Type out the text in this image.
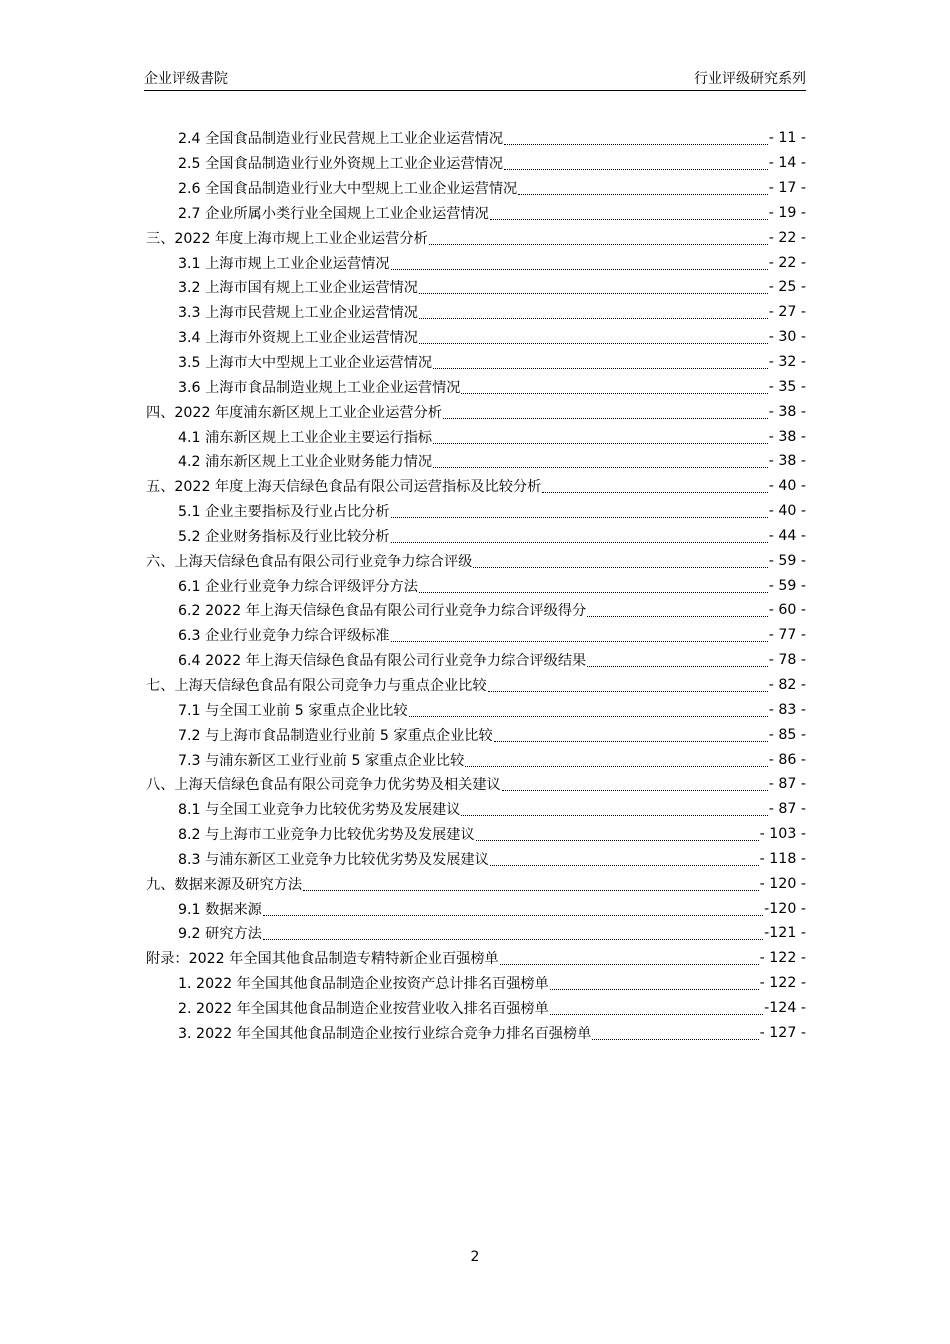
企业评级書院	行业评级研究系列
2.4 全国食品制造业行业民营规上工业企业运营情况	- 11 -
2.5 全国食品制造业行业外资规上工业企业运营情况	- 14 -
2.6 全国食品制造业行业大中型规上工业企业运营情况	- 17 -
2.7 企业所属小类行业全国规上工业企业运营情况	- 19 -
三、2022 年度上海市规上工业企业运营分析	- 22 -
3.1 上海市规上工业企业运营情况	- 22 -
3.2 上海市国有规上工业企业运营情况	- 25 -
3.3 上海市民营规上工业企业运营情况	- 27 -
3.4 上海市外资规上工业企业运营情况	- 30 -
3.5 上海市大中型规上工业企业运营情况	- 32 -
3.6 上海市食品制造业规上工业企业运营情况	- 35 -
四、2022 年度浦东新区规上工业企业运营分析	- 38 -
4.1 浦东新区规上工业企业主要运行指标	- 38 -
4.2 浦东新区规上工业企业财务能力情况	- 38 -
五、2022 年度上海天信绿色食品有限公司运营指标及比较分析	- 40 -
5.1 企业主要指标及行业占比分析	- 40 -
5.2 企业财务指标及行业比较分析	- 44 -
六、上海天信绿色食品有限公司行业竞争力综合评级	- 59 -
6.1 企业行业竞争力综合评级评分方法	- 59 -
6.2 2022 年上海天信绿色食品有限公司行业竞争力综合评级得分	- 60 -
6.3 企业行业竞争力综合评级标准	- 77 -
6.4 2022 年上海天信绿色食品有限公司行业竞争力综合评级结果	- 78 -
七、上海天信绿色食品有限公司竞争力与重点企业比较	- 82 -
7.1 与全国工业前 5 家重点企业比较	- 83 -
7.2 与上海市食品制造业行业前 5 家重点企业比较	- 85 -
7.3 与浦东新区工业行业前 5 家重点企业比较	- 86 -
八、上海天信绿色食品有限公司竞争力优劣势及相关建议	- 87 -
8.1 与全国工业竞争力比较优劣势及发展建议	- 87 -
8.2 与上海市工业竞争力比较优劣势及发展建议	- 103 -
8.3 与浦东新区工业竞争力比较优劣势及发展建议	- 118 -
九、数据来源及研究方法	- 120 -
9.1 数据来源	-120 -
9.2 研究方法	-121 -
附录：2022 年全国其他食品制造专精特新企业百强榜单	- 122 -
1. 2022 年全国其他食品制造企业按资产总计排名百强榜单	- 122 -
2. 2022 年全国其他食品制造企业按营业收入排名百强榜单	-124 -
3. 2022 年全国其他食品制造企业按行业综合竞争力排名百强榜单	- 127 -
2
